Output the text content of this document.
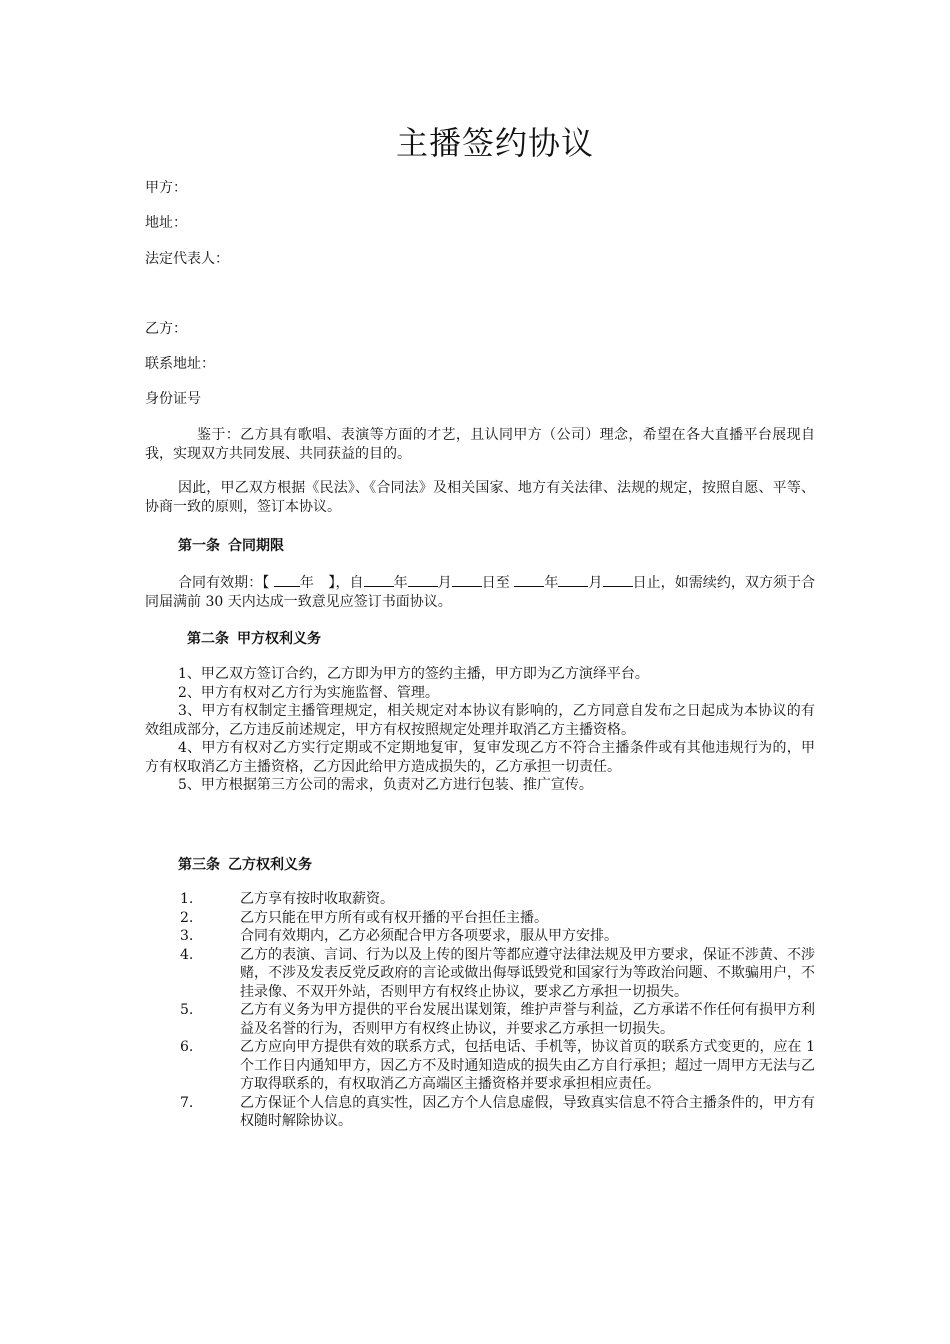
主播签约协议
甲方：
地址：
法定代表人：
乙方：
联系地址：
身份证号
鉴于：乙方具有歌唱、表演等方面的才艺，且认同甲方（公司）理念，希望在各大直播平台展现自我，实现双方共同发展、共同获益的目的。
因此，甲乙双方根据《民法》、《合同法》及相关国家、地方有关法律、法规的规定，按照自愿、平等、协商一致的原则，签订本协议。
第一条 合同期限
合同有效期：【 年 】，自 年 月 日至 年 月 日止，如需续约，双方须于合同届满前 30 天内达成一致意见应签订书面协议。
第二条 甲方权利义务
1、甲乙双方签订合约，乙方即为甲方的签约主播，甲方即为乙方演绎平台。
2、甲方有权对乙方行为实施监督、管理。
3、甲方有权制定主播管理规定，相关规定对本协议有影响的，乙方同意自发布之日起成为本协议的有效组成部分，乙方违反前述规定，甲方有权按照规定处理并取消乙方主播资格。
4、甲方有权对乙方实行定期或不定期地复审，复审发现乙方不符合主播条件或有其他违规行为的，甲方有权取消乙方主播资格，乙方因此给甲方造成损失的，乙方承担一切责任。
5、甲方根据第三方公司的需求，负责对乙方进行包装、推广宣传。
第三条 乙方权利义务
1.	乙方享有按时收取薪资。
2.	乙方只能在甲方所有或有权开播的平台担任主播。
3.	合同有效期内，乙方必须配合甲方各项要求，服从甲方安排。
4.	乙方的表演、言词、行为以及上传的图片等都应遵守法律法规及甲方要求，保证不涉黄、不涉赌，不涉及发表反党反政府的言论或做出侮辱诋毁党和国家行为等政治问题、不欺骗用户，不挂录像、不双开外站，否则甲方有权终止协议，要求乙方承担一切损失。
5.	乙方有义务为甲方提供的平台发展出谋划策，维护声誉与利益，乙方承诺不作任何有损甲方利益及名誉的行为，否则甲方有权终止协议，并要求乙方承担一切损失。
6.	乙方应向甲方提供有效的联系方式，包括电话、手机等，协议首页的联系方式变更的，应在 1 个工作日内通知甲方，因乙方不及时通知造成的损失由乙方自行承担；超过一周甲方无法与乙方取得联系的，有权取消乙方高端区主播资格并要求承担相应责任。
7.	乙方保证个人信息的真实性，因乙方个人信息虚假，导致真实信息不符合主播条件的，甲方有权随时解除协议。
